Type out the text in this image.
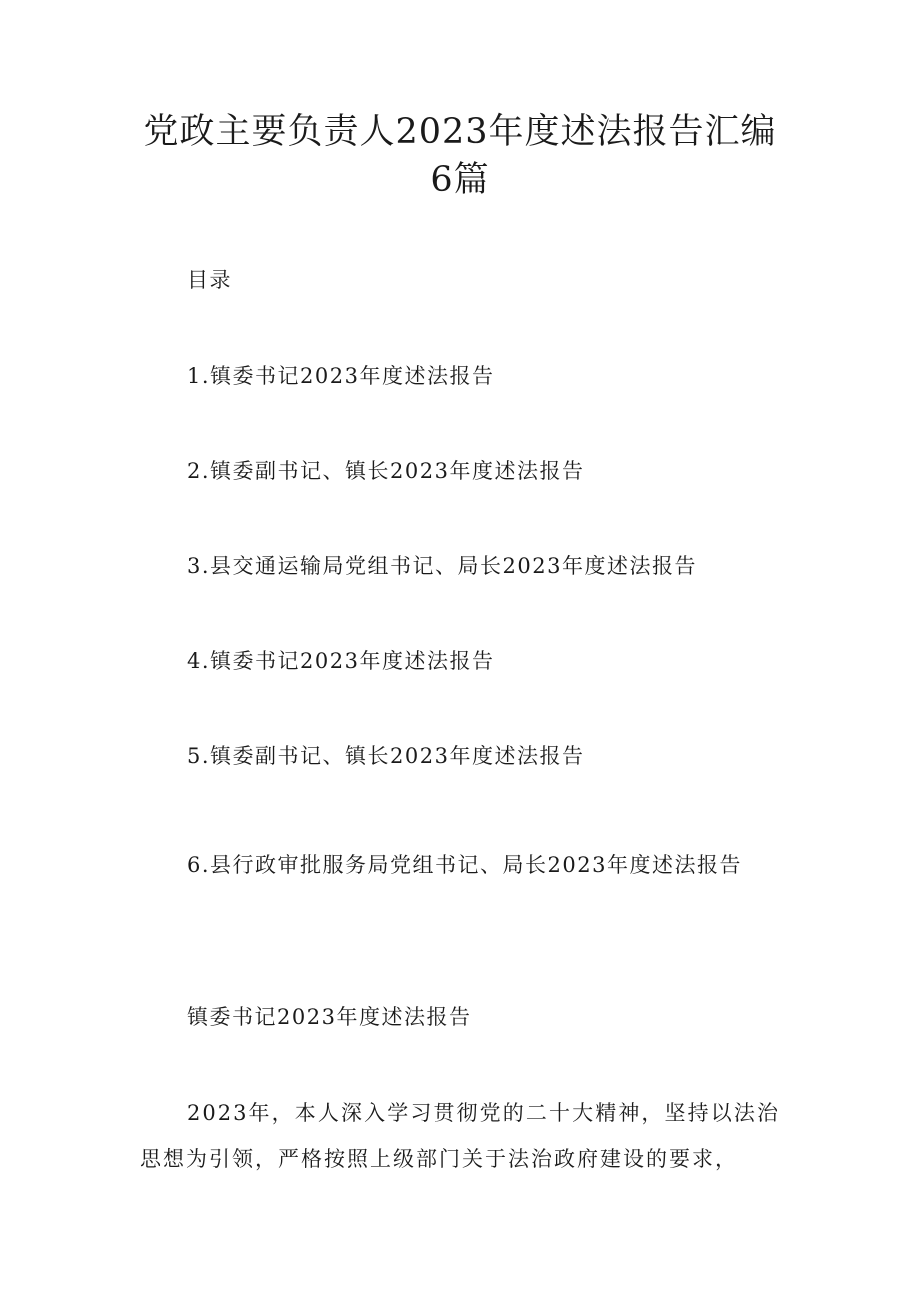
党政主要负责人2023年度述法报告汇编6篇
目录
1.镇委书记2023年度述法报告
2.镇委副书记、镇长2023年度述法报告
3.县交通运输局党组书记、局长2023年度述法报告
4.镇委书记2023年度述法报告
5.镇委副书记、镇长2023年度述法报告
6.县行政审批服务局党组书记、局长2023年度述法报告
镇委书记2023年度述法报告
2023年，本人深入学习贯彻党的二十大精神，坚持以法治思想为引领，严格按照上级部门关于法治政府建设的要求，
